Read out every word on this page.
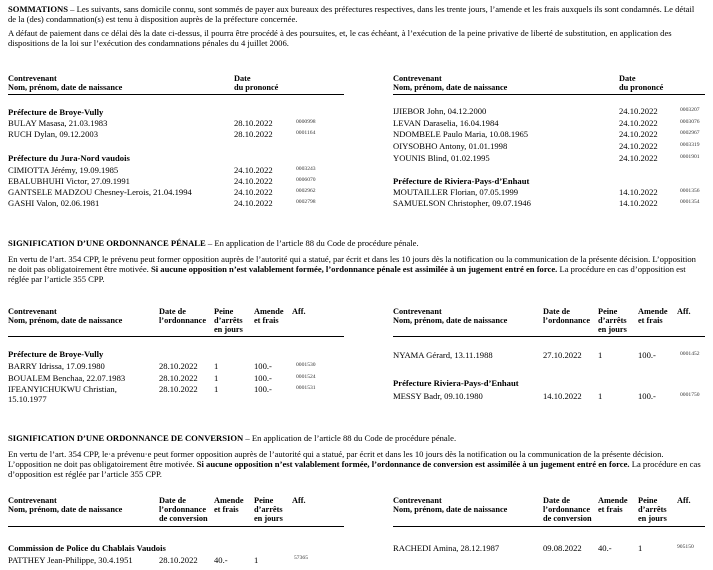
SOMMATIONS – Les suivants, sans domicile connu, sont sommés de payer aux bureaux des préfectures respectives, dans les trente jours, l’amende et les frais auxquels ils sont condamnés. Le détail de la (des) condamnation(s) est tenu à disposition auprès de la préfecture concernée.

A défaut de paiement dans ce délai dès la date ci-dessus, il pourra être procédé à des poursuites, et, le cas échéant, à l’exécution de la peine privative de liberté de substitution, en application des dispositions de la loi sur l’exécution des condamnations pénales du 4 juillet 2006.

Contrevenant
Nom, prénom, date de naissance
Date
du prononcé
Préfecture de Broye-Vully
BULAY Masasa, 21.03.1983	28.10.2022	0000998
RUCH Dylan, 09.12.2003	28.10.2022	0001164
Préfecture du Jura-Nord vaudois
CIMIOTTA Jérémy, 19.09.1985	24.10.2022	0003243
EBALUBHUHI Victor, 27.09.1991	24.10.2022	0006070
GANTSELE MADZOU Chesney-Lerois, 21.04.1994	24.10.2022	0002962
GASHI Valon, 02.06.1981	24.10.2022	0002798
Contrevenant
Nom, prénom, date de naissance
Date
du prononcé
IJIEBOR John, 04.12.2000	24.10.2022	0003207
LEVAN Daraselia, 16.04.1984	24.10.2022	0003076
NDOMBELE Paulo Maria, 10.08.1965	24.10.2022	0002967
OIYSOBHO Antony, 01.01.1998	24.10.2022	0003319
YOUNIS Blind, 01.02.1995	24.10.2022	0001901
Préfecture de Riviera-Pays-d’Enhaut
MOUTAILLER Florian, 07.05.1999	14.10.2022	0001356
SAMUELSON Christopher, 09.07.1946	14.10.2022	0001354
SIGNIFICATION D’UNE ORDONNANCE PÉNALE – En application de l’article 88 du Code de procédure pénale.

En vertu de l’art. 354 CPP, le prévenu peut former opposition auprès de l’autorité qui a statué, par écrit et dans les 10 jours dès la notification ou la communication de la présente décision. L’opposition ne doit pas obligatoirement être motivée. Si aucune opposition n’est valablement formée, l’ordonnance pénale est assimilée à un jugement entré en force. La procédure en cas d’opposition est réglée par l’article 355 CPP.

Contrevenant
Nom, prénom, date de naissance
Date de
l’ordonnance
Peine
d’arrêts
en jours
Amende
et frais
Aff.
Préfecture de Broye-Vully
BARRY Idrissa, 17.09.1980	28.10.2022 1	100.-	0001530
BOUALEM Benchaa, 22.07.1983	28.10.2022 1	100.-	0001524
IFEANYICHUKWU Christian,
15.10.1977
28.10.2022 1	100.-	0001531
Contrevenant
Nom, prénom, date de naissance
Date de
l’ordonnance
Peine
d’arrêts
en jours
Amende
et frais
Aff.
NYAMA Gérard, 13.11.1988	27.10.2022 1	100.-	0001452
Préfecture Riviera-Pays-d’Enhaut
MESSY Badr, 09.10.1980	14.10.2022 1	100.-	0001750
SIGNIFICATION D’UNE ORDONNANCE DE CONVERSION – En application de l’article 88 du Code de procédure pénale.

En vertu de l’art. 354 CPP, le·a prévenu·e peut former opposition auprès de l’autorité qui a statué, par écrit et dans les 10 jours dès la notification ou la communication de la présente décision. L’opposition ne doit pas obligatoirement être motivée. Si aucune opposition n’est valablement formée, l’ordonnance de conversion est assimilée à un jugement entré en force. La procédure en cas d’opposition est réglée par l’article 355 CPP.

Contrevenant
Nom, prénom, date de naissance
Date de
l’ordonnance
de conversion
Amende
et frais
Peine
d’arrêts
en jours
Aff.
Commission de Police du Chablais Vaudois
PATTHEY Jean-Philippe, 30.4.1951	28.10.2022 40.-	1	57365
Contrevenant
Nom, prénom, date de naissance
Date de
l’ordonnance
de conversion
Amende
et frais
Peine
d’arrêts
en jours
Aff.
RACHEDI Amina, 28.12.1987	09.08.2022 40.-	1	905150
